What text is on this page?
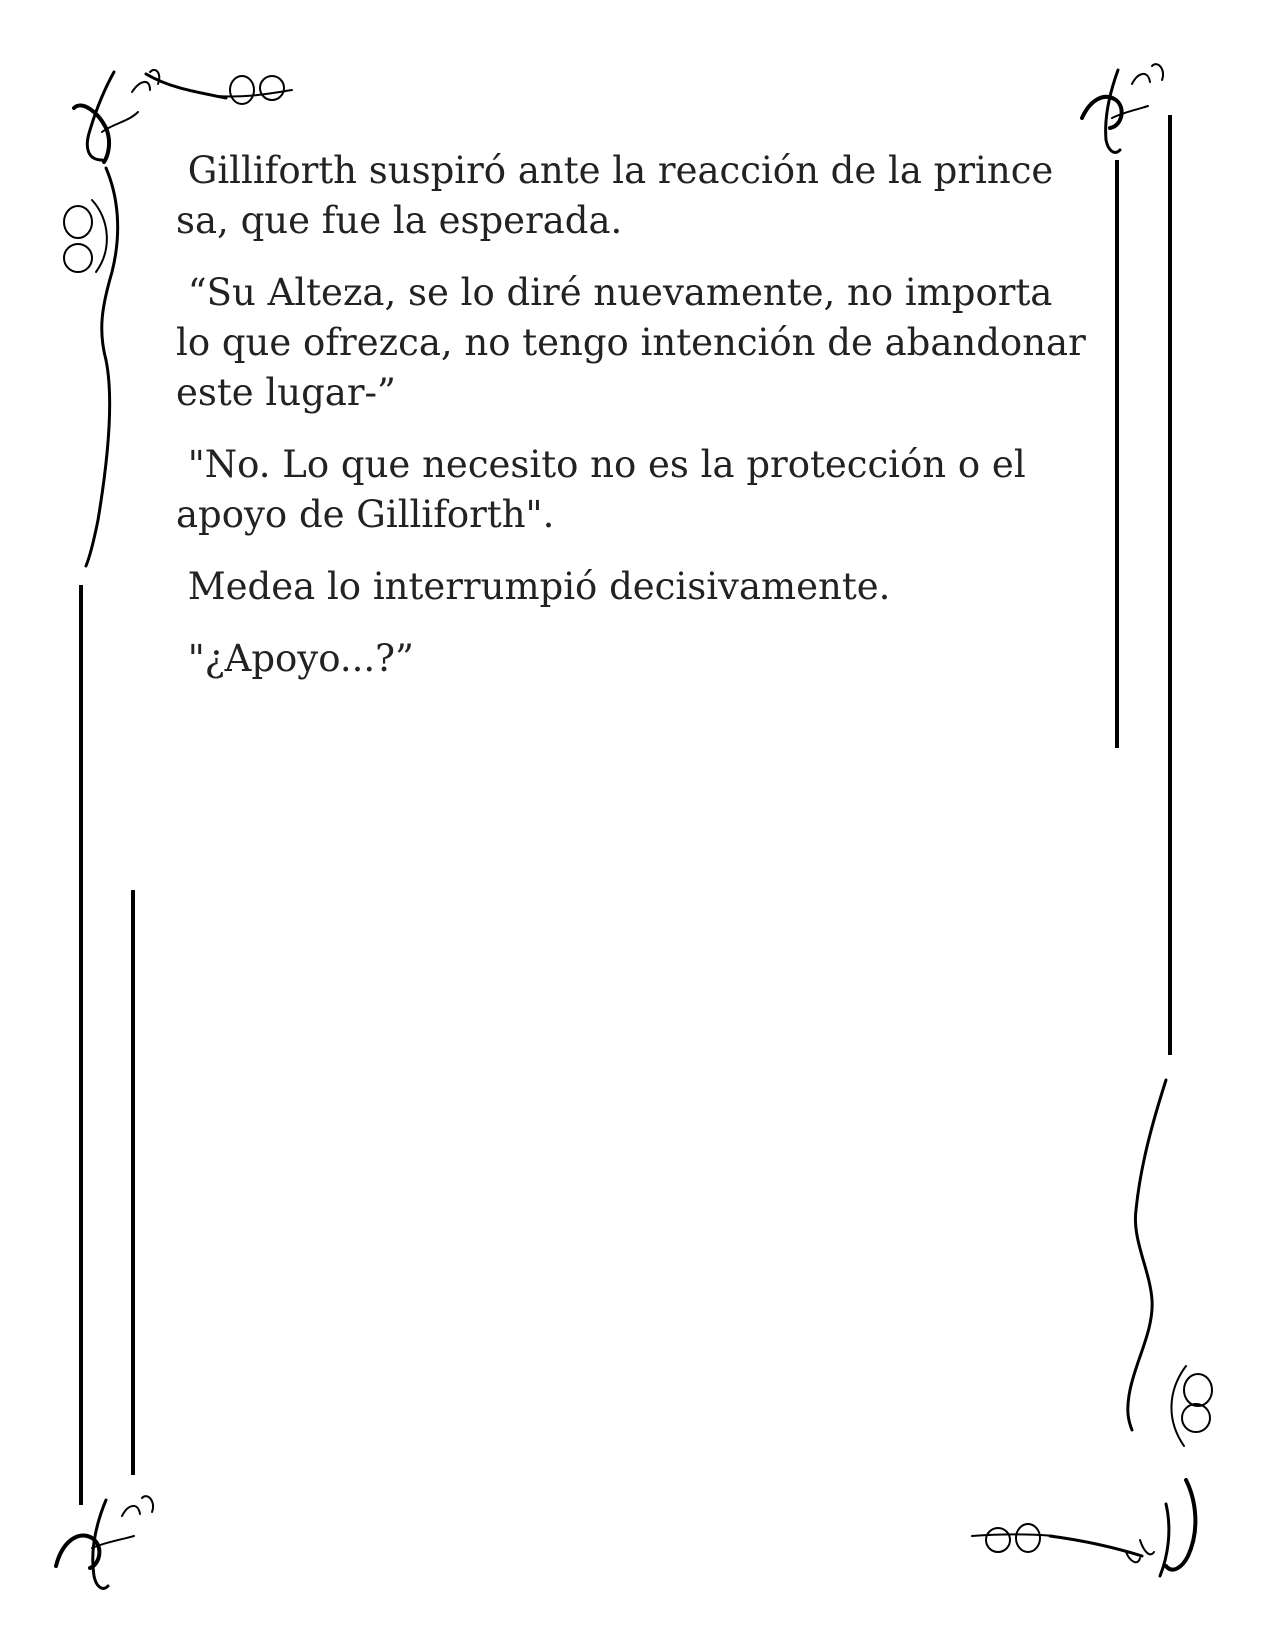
Gilliforth suspiró ante la reacción de la prince
sa, que fue la esperada.

“Su Alteza, se lo diré nuevamente, no importa
lo que ofrezca, no tengo intención de abandonar
este lugar-”

"No. Lo que necesito no es la protección o el
apoyo de Gilliforth".

Medea lo interrumpió decisivamente.

"¿Apoyo...?”
